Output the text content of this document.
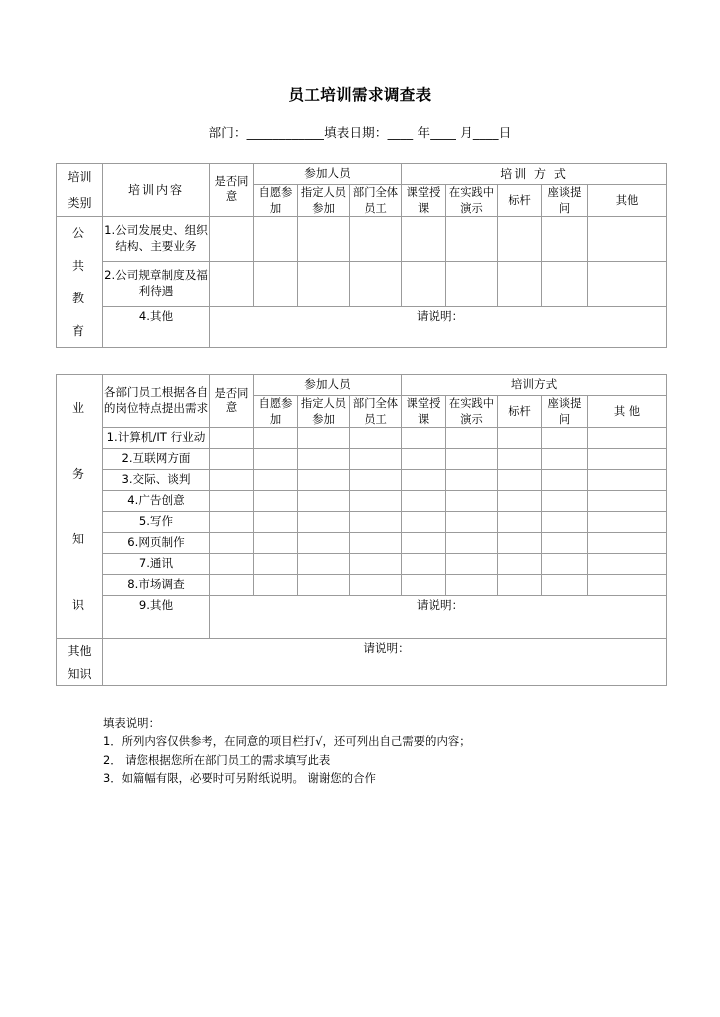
员工培训需求调查表
部门：____________填表日期：____ 年____ 月____日
培训
类别	培训内容	是否同意	参加人员			培训 方 式				
			自愿参加	指定人员参加	部门全体员工	课堂授课	在实践中演示	标杆	座谈提问	其他

公
共
教
育	1.公司发展史、组织结构、主要业务									
	2.公司规章制度及福利待遇									
	4.其他	请说明：								

业
务
知
识	各部门员工根据各自的岗位特点提出需求	是否同意	参加人员			培训方式				
			自愿参加	指定人员参加	部门全体员工	课堂授课	在实践中演示	标杆	座谈提问	其 他
	1.计算机/IT 行业动									
	2.互联网方面									
	3.交际、谈判									
	4.广告创意									
	5.写作									
	6.网页制作									
	7.通讯									
	8.市场调查									
	9.其他	请说明：								

其他
知识	请说明：									
填表说明：
1．所列内容仅供参考，在同意的项目栏打√，还可列出自己需要的内容；
2． 请您根据您所在部门员工的需求填写此表
3．如篇幅有限，必要时可另附纸说明。 谢谢您的合作
